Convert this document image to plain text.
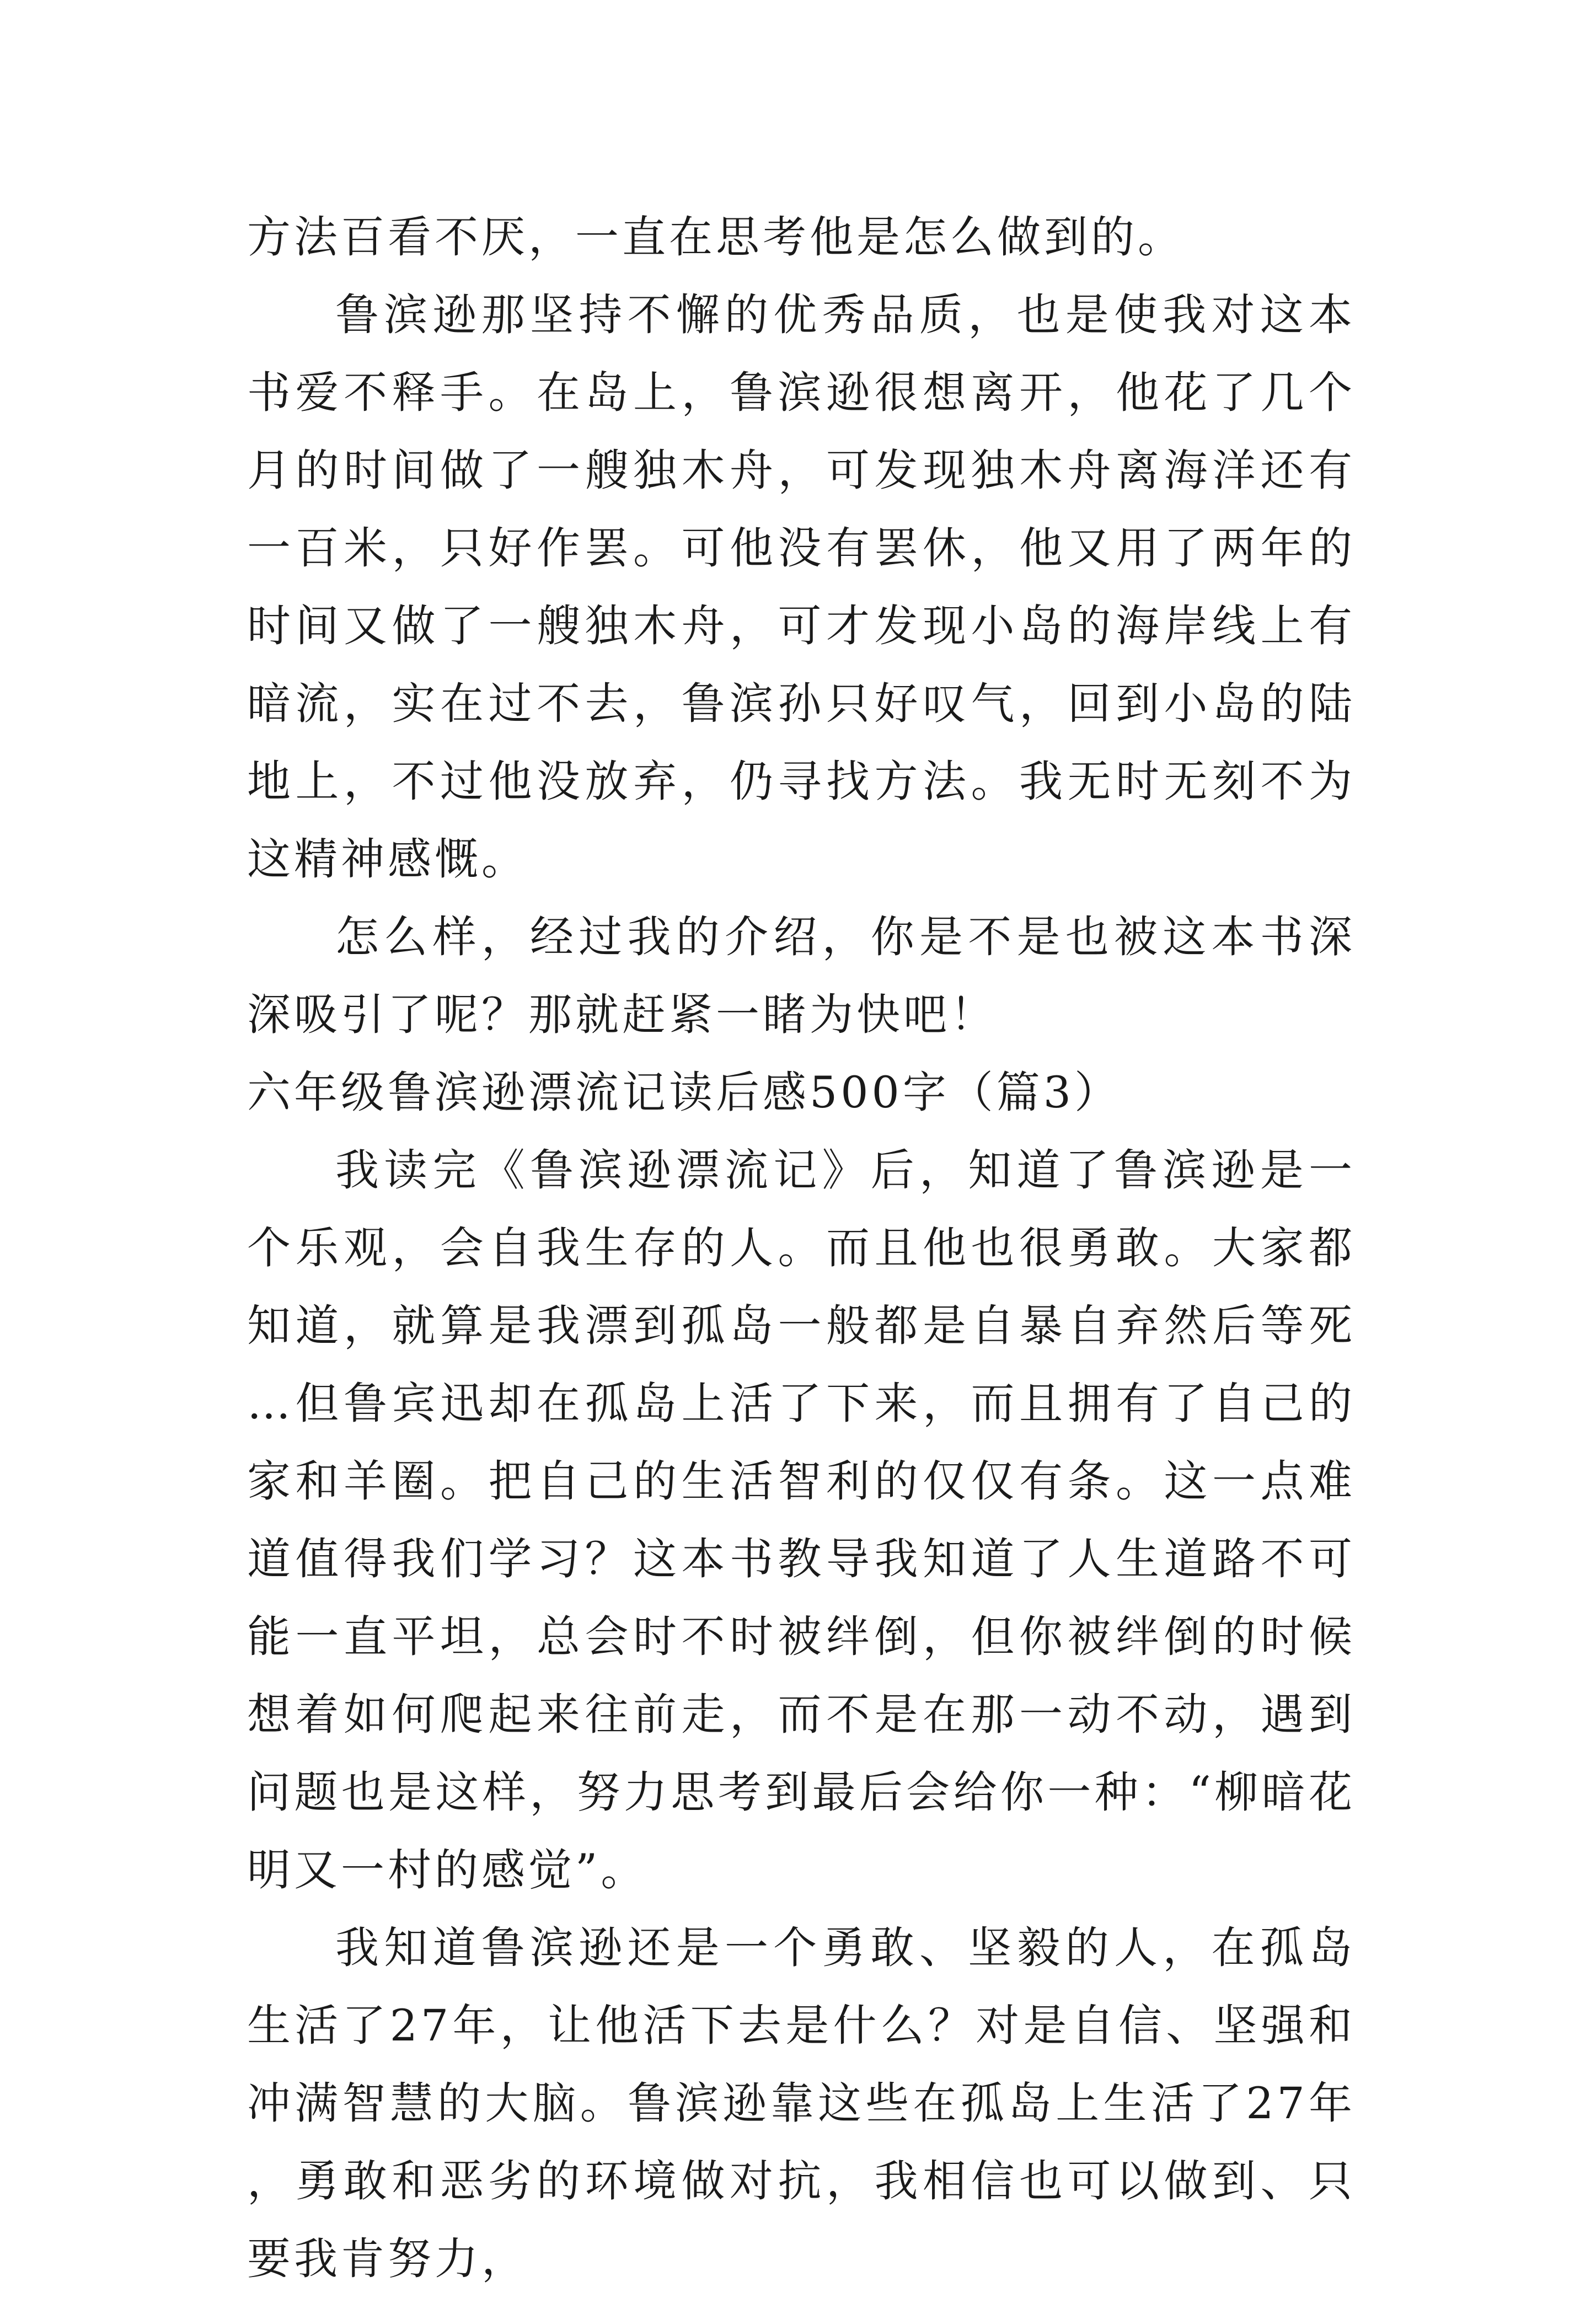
方法百看不厌，一直在思考他是怎么做到的。

鲁滨逊那坚持不懈的优秀品质，也是使我对这本书爱不释手。在岛上，鲁滨逊很想离开，他花了几个月的时间做了一艘独木舟，可发现独木舟离海洋还有一百米，只好作罢。可他没有罢休，他又用了两年的时间又做了一艘独木舟，可才发现小岛的海岸线上有暗流，实在过不去，鲁滨孙只好叹气，回到小岛的陆地上，不过他没放弃，仍寻找方法。我无时无刻不为这精神感慨。

怎么样，经过我的介绍，你是不是也被这本书深深吸引了呢？那就赶紧一睹为快吧！

六年级鲁滨逊漂流记读后感500字（篇3）

我读完《鲁滨逊漂流记》后，知道了鲁滨逊是一个乐观，会自我生存的人。而且他也很勇敢。大家都知道，就算是我漂到孤岛一般都是自暴自弃然后等死…但鲁宾迅却在孤岛上活了下来，而且拥有了自己的家和羊圈。把自己的生活智利的仅仅有条。这一点难道值得我们学习？这本书教导我知道了人生道路不可能一直平坦，总会时不时被绊倒，但你被绊倒的时候想着如何爬起来往前走，而不是在那一动不动，遇到问题也是这样，努力思考到最后会给你一种：“柳暗花明又一村的感觉”。

我知道鲁滨逊还是一个勇敢、坚毅的人，在孤岛生活了27年，让他活下去是什么？对是自信、坚强和冲满智慧的大脑。鲁滨逊靠这些在孤岛上生活了27年，勇敢和恶劣的环境做对抗，我相信也可以做到、只要我肯努力，
